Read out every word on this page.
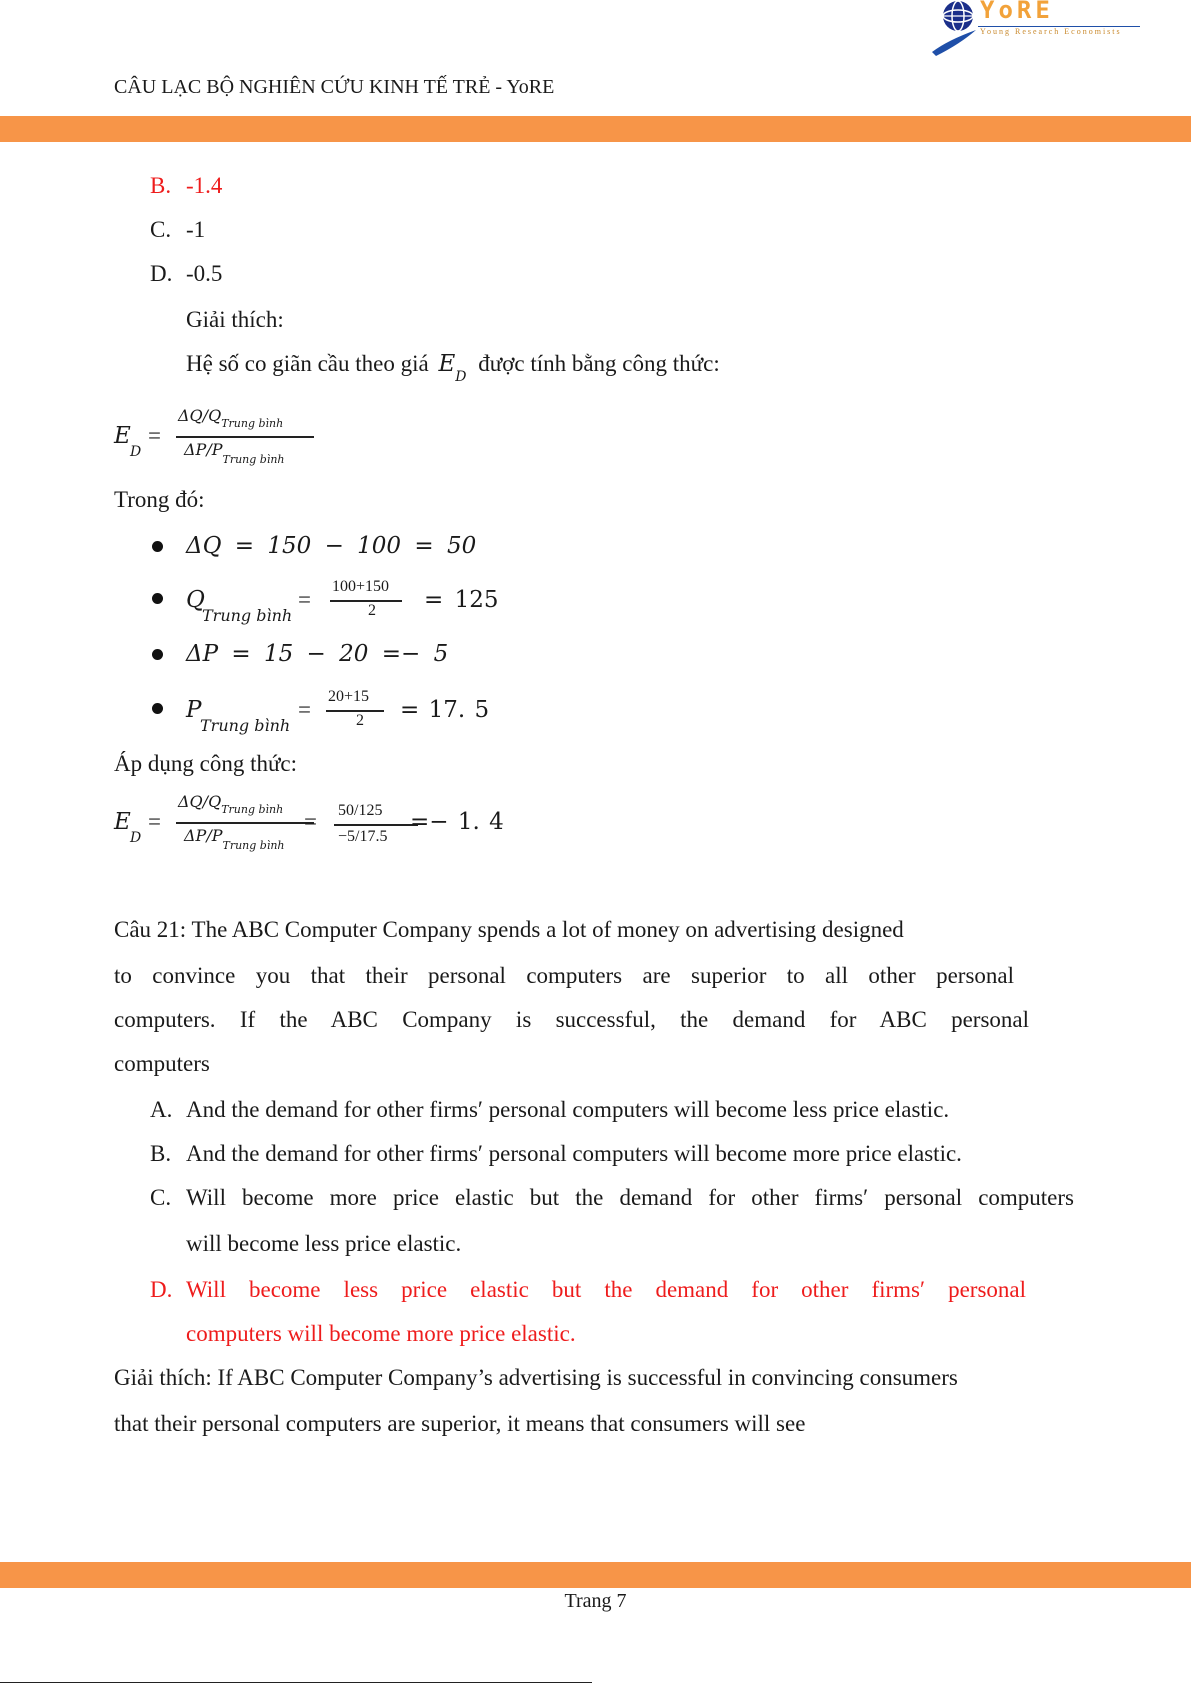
YoRE
Young Research Economists
CÂU LẠC BỘ NGHIÊN CỨU KINH TẾ TRẺ - YoRE
B. -1.4
C. -1
D. -0.5
Giải thích:
Hệ số co giãn cầu theo giá $E_D$ được tính bằng công thức:
E
D
=
$\Delta Q/Q_{Trung bình}$
$\Delta P/P_{Trung bình}$
Trong đó:
ΔQ = 150 − 100 = 50
Q
Trung bình
=
100+150
2 = 125
ΔP = 15 − 20 =− 5
P
Trung bình
=
20+15
2 = 17. 5
Áp dụng công thức:
E
D
=
$\Delta Q/Q_{Trung bình}$
$\Delta P/P_{Trung bình}$
= 50/125
−5/17.5
=− 1. 4
Câu 21: The ABC Computer Company spends a lot of money on advertising designed
to convince you that their personal computers are superior to all other personal
computers. If the ABC Company is successful, the demand for ABC personal
computers
A. And the demand for other firms′ personal computers will become less price elastic.
B. And the demand for other firms′ personal computers will become more price elastic.
C. Will become more price elastic but the demand for other firms′ personal computers
will become less price elastic.
D. Will become less price elastic but the demand for other firms′ personal
computers will become more price elastic.
Giải thích: If ABC Computer Company’s advertising is successful in convincing consumers
that their personal computers are superior, it means that consumers will see
Trang 7
